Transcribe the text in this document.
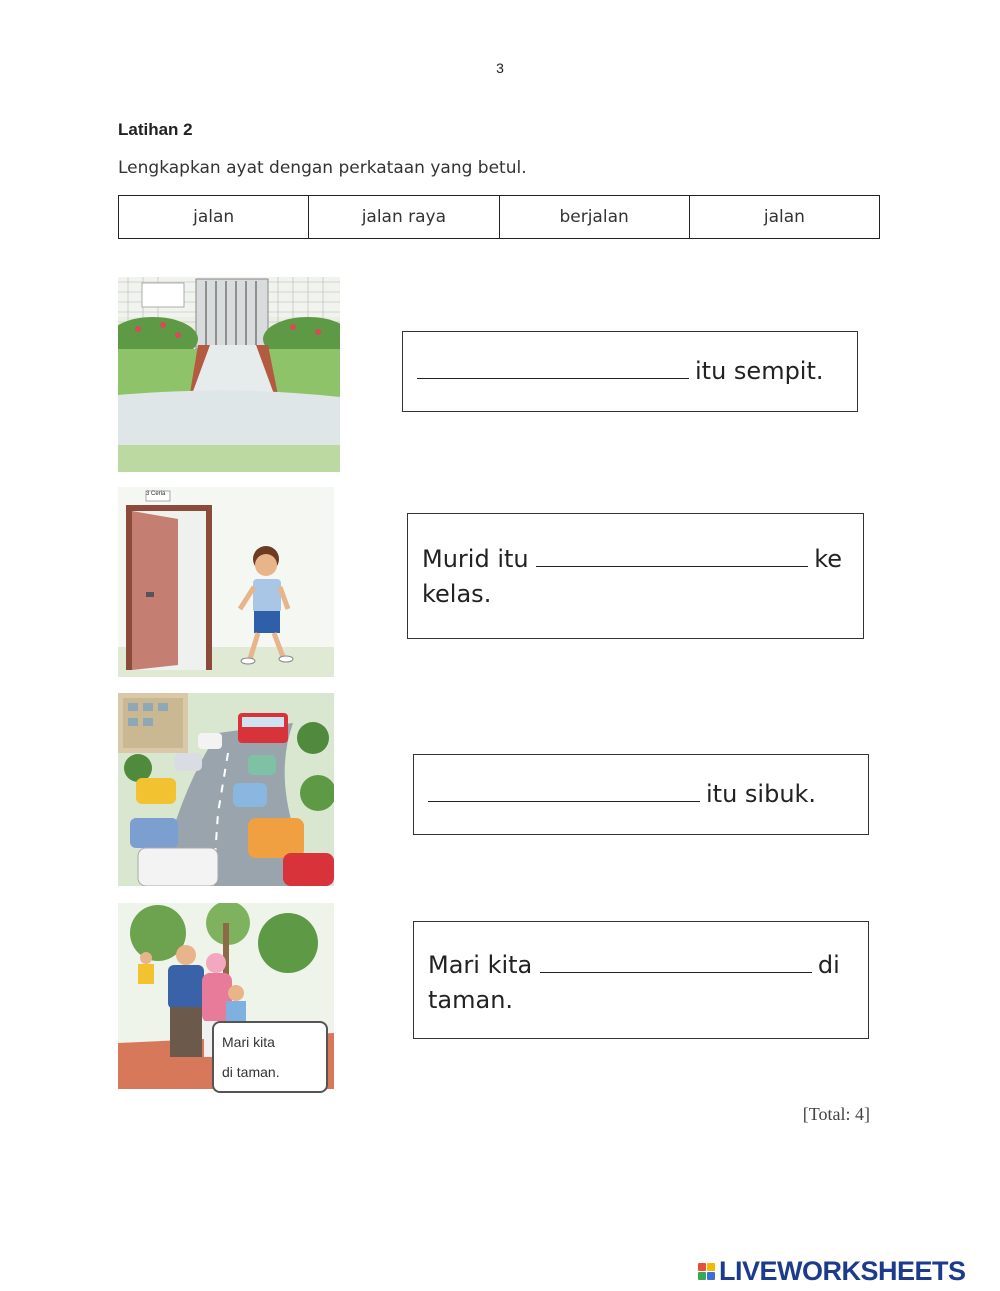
3
Latihan 2
Lengkapkan ayat dengan perkataan yang betul.
jalan	jalan raya	berjalan	jalan
itu sempit.
3 Ceria
Murid itu	ke kelas.
itu sibuk.
Mari kita
di taman.
Mari kita	di taman.
[Total: 4]
LIVEWORKSHEETS
